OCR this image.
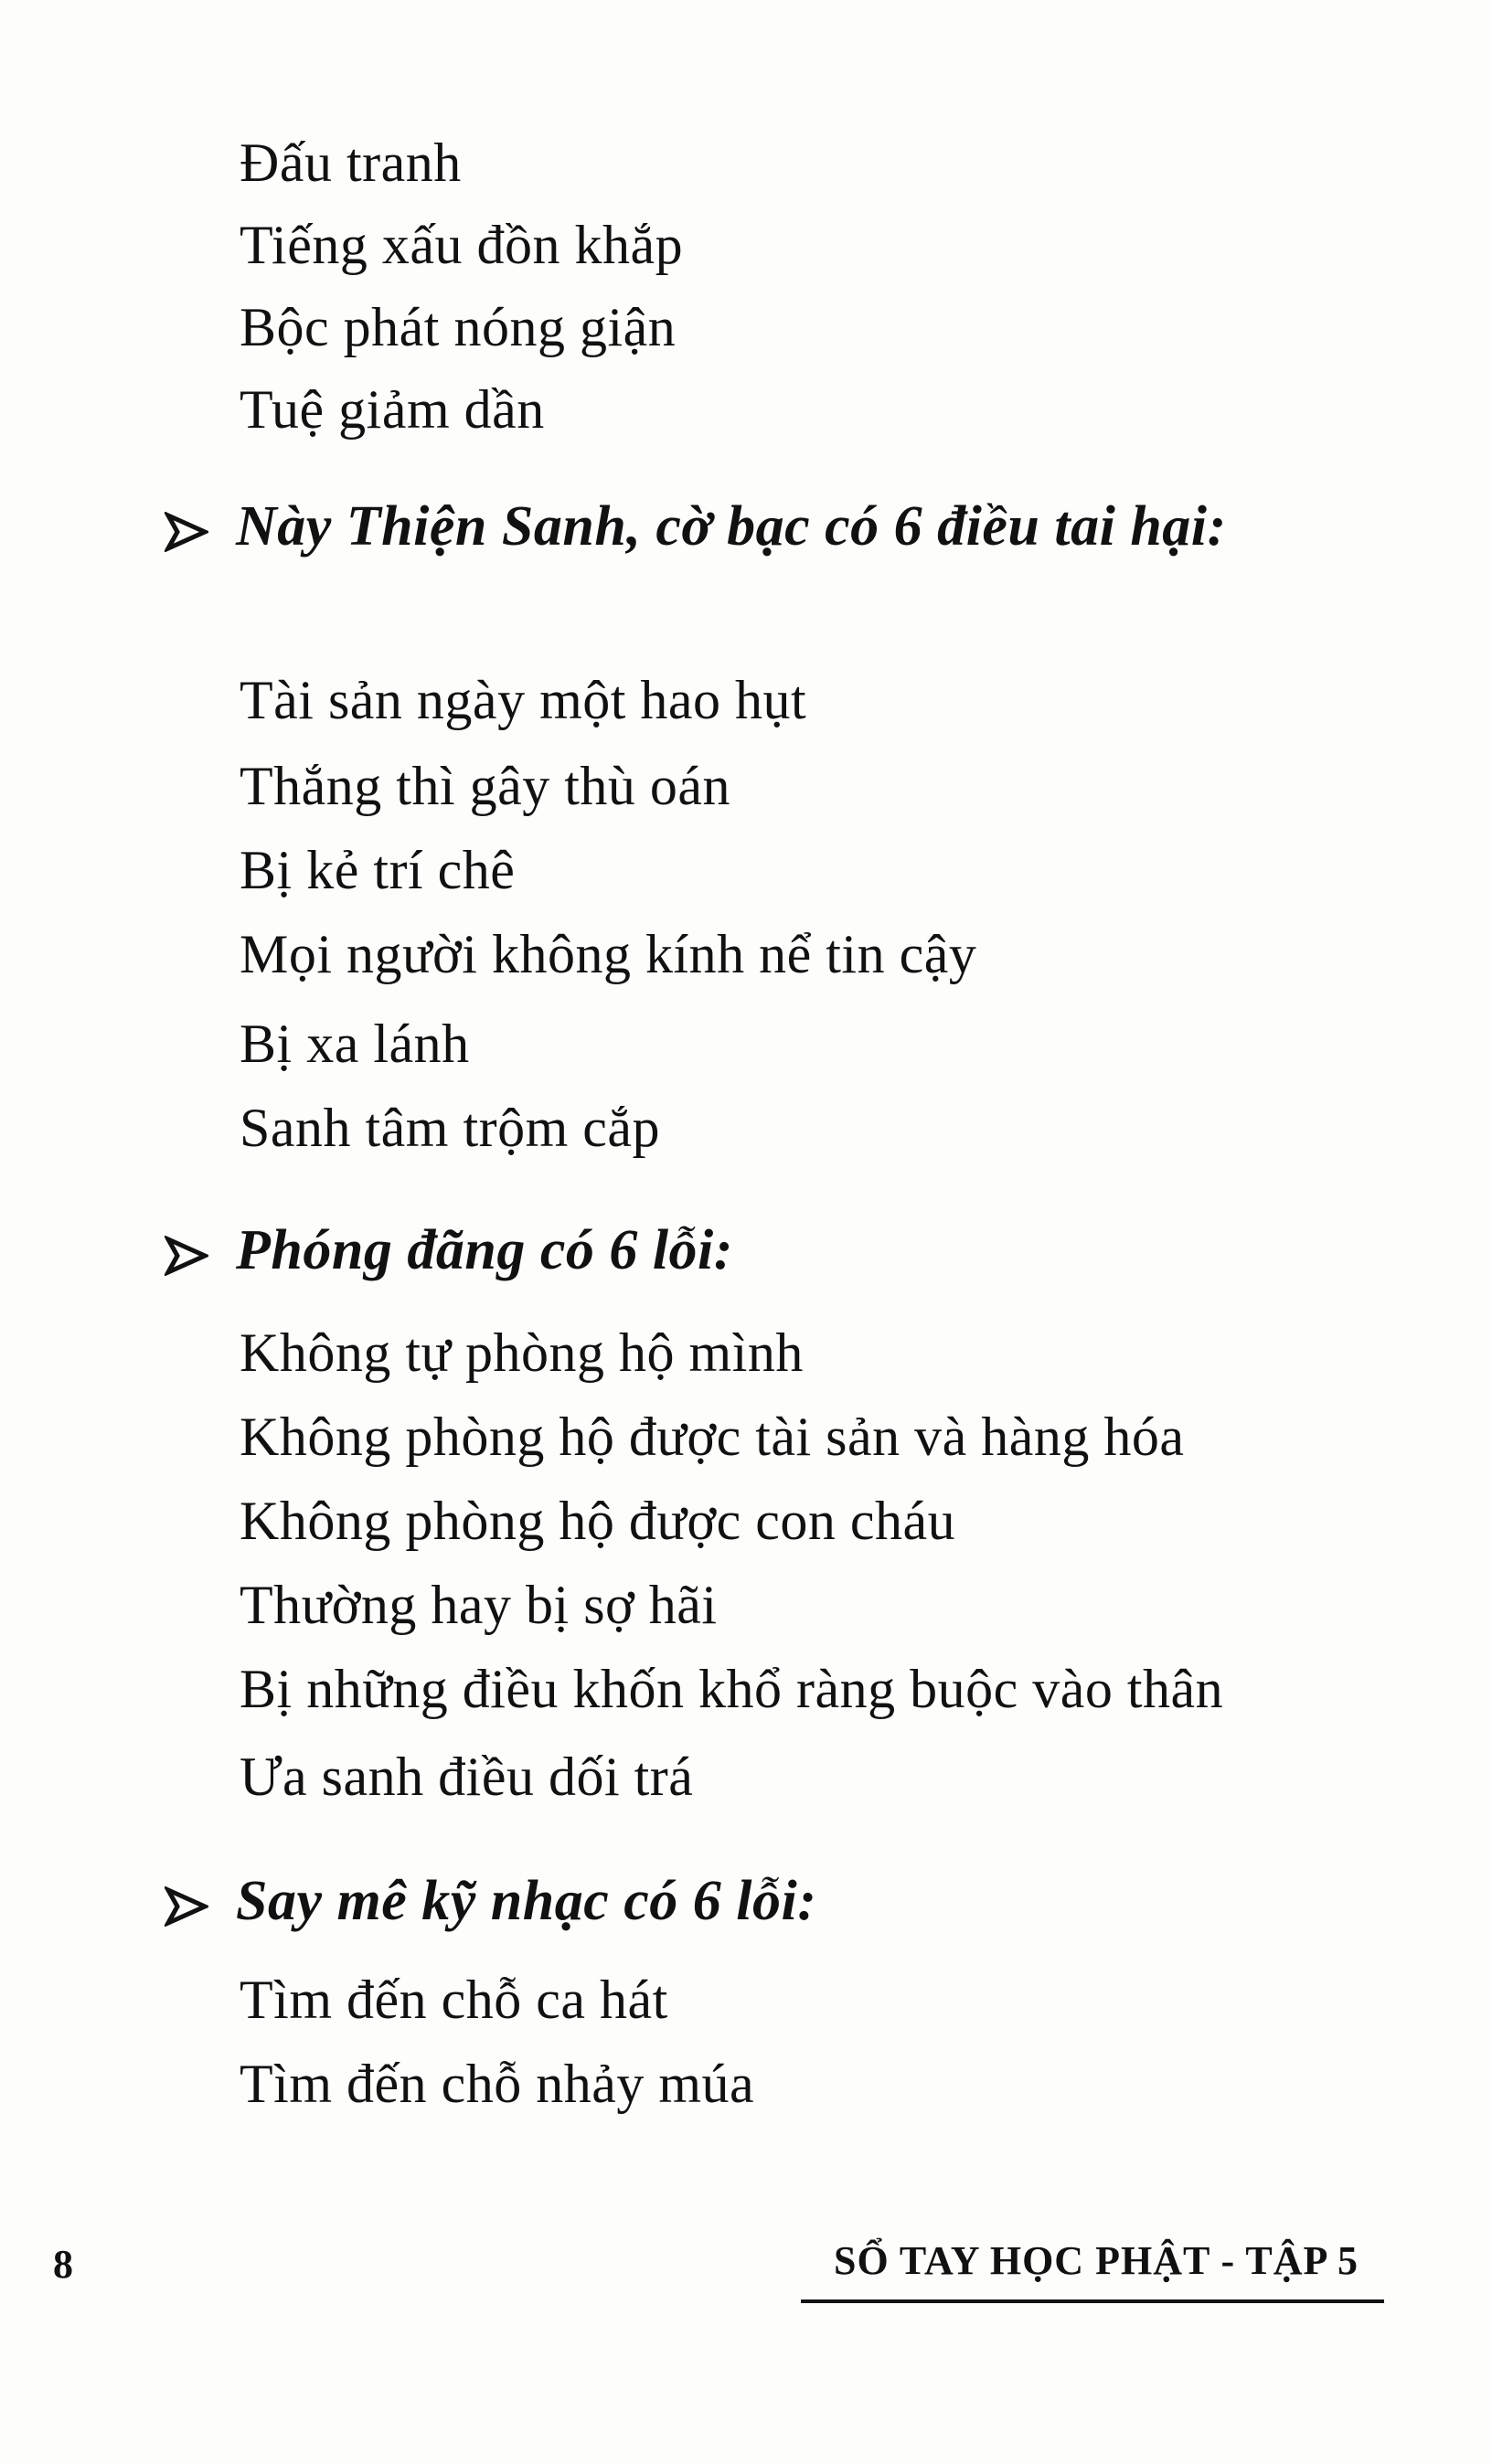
Đấu tranh
Tiếng xấu đồn khắp
Bộc phát nóng giận
Tuệ giảm dần
Này Thiện Sanh, cờ bạc có 6 điều tai hại:
Tài sản ngày một hao hụt
Thắng thì gây thù oán
Bị kẻ trí chê
Mọi người không kính nể tin cậy
Bị xa lánh
Sanh tâm trộm cắp
Phóng đãng có 6 lỗi:
Không tự phòng hộ mình
Không phòng hộ được tài sản và hàng hóa
Không phòng hộ được con cháu
Thường hay bị sợ hãi
Bị những điều khốn khổ ràng buộc vào thân
Ưa sanh điều dối trá
Say mê kỹ nhạc có 6 lỗi:
Tìm đến chỗ ca hát
Tìm đến chỗ nhảy múa
8	SỔ TAY HỌC PHẬT - TẬP 5
